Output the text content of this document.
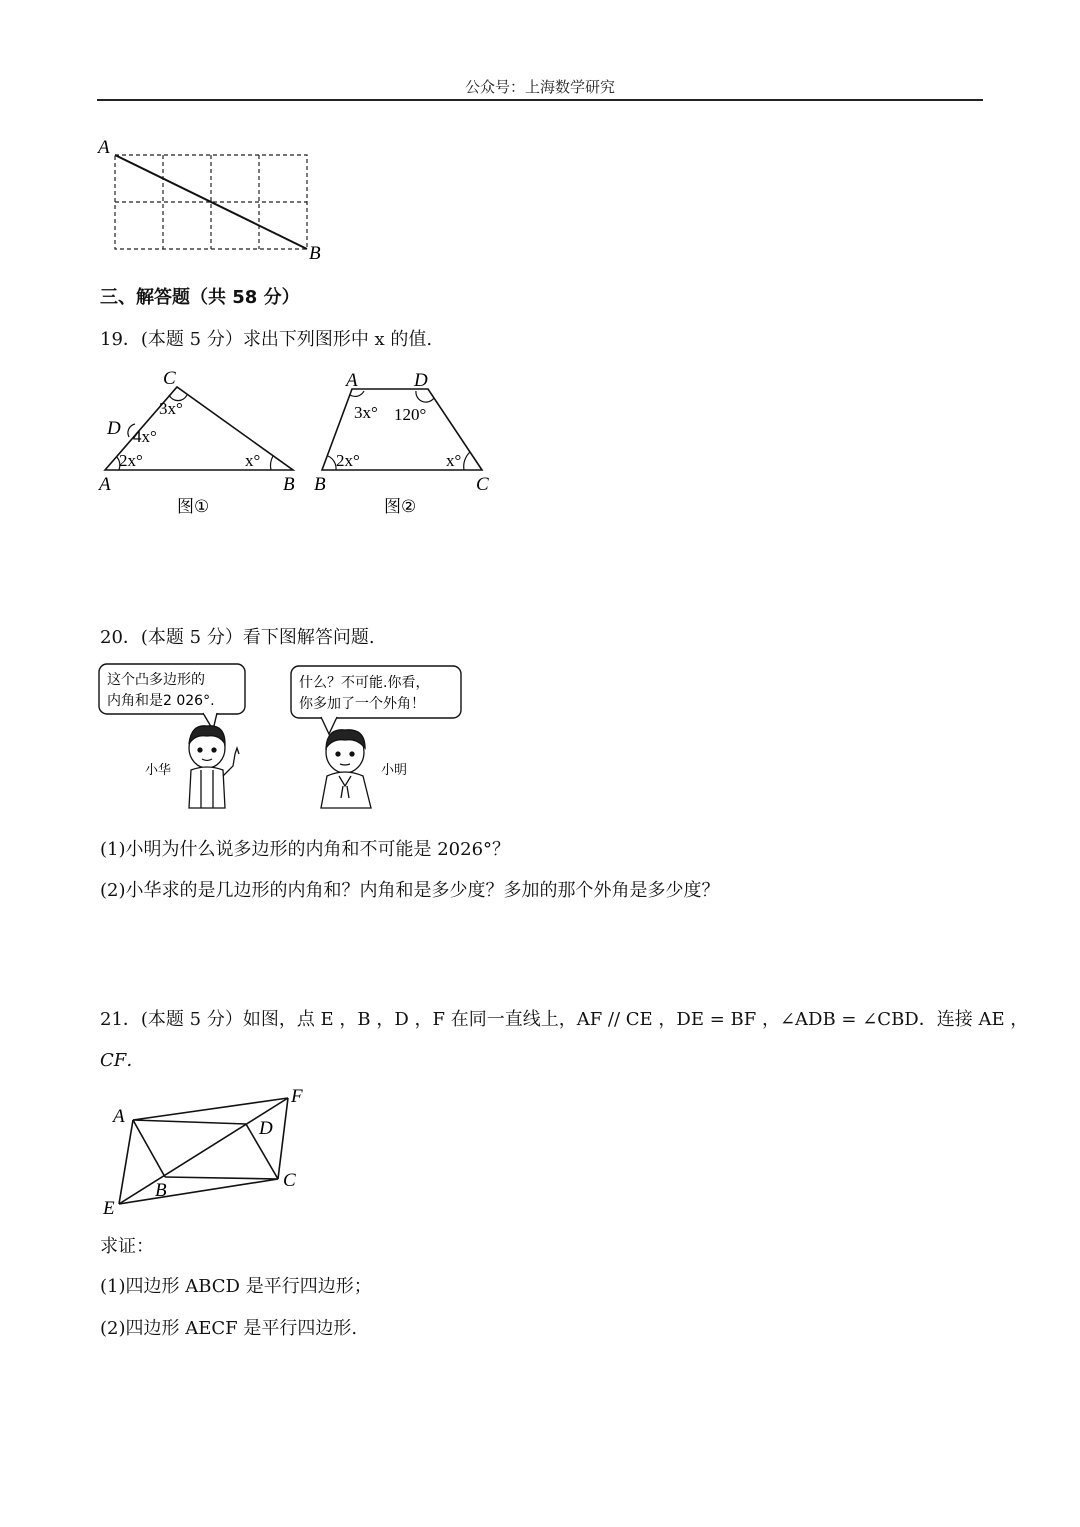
公众号：上海数学研究
A
B
三、解答题（共 58 分）
19．(本题 5 分）求出下列图形中 x 的值.
C
D
A	B
3x°
4x°
2x°	x°
图①
A	D
B	C
3x° 120°
2x°	x°
图②
20．(本题 5 分）看下图解答问题.
这个凸多边形的
内角和是2 026°.
什么？不可能.你看，
你多加了一个外角！
小华	小明
(1)小明为什么说多边形的内角和不可能是 2026°？
(2)小华求的是几边形的内角和？内角和是多少度？多加的那个外角是多少度？
21．(本题 5 分）如图，点 E ，B ，D ，F 在同一直线上，AF // CE ，DE = BF ，∠ADB = ∠CBD．连接 AE ，
CF．
A
F
D
B	C
E
求证：
(1)四边形 ABCD 是平行四边形；
(2)四边形 AECF 是平行四边形.
